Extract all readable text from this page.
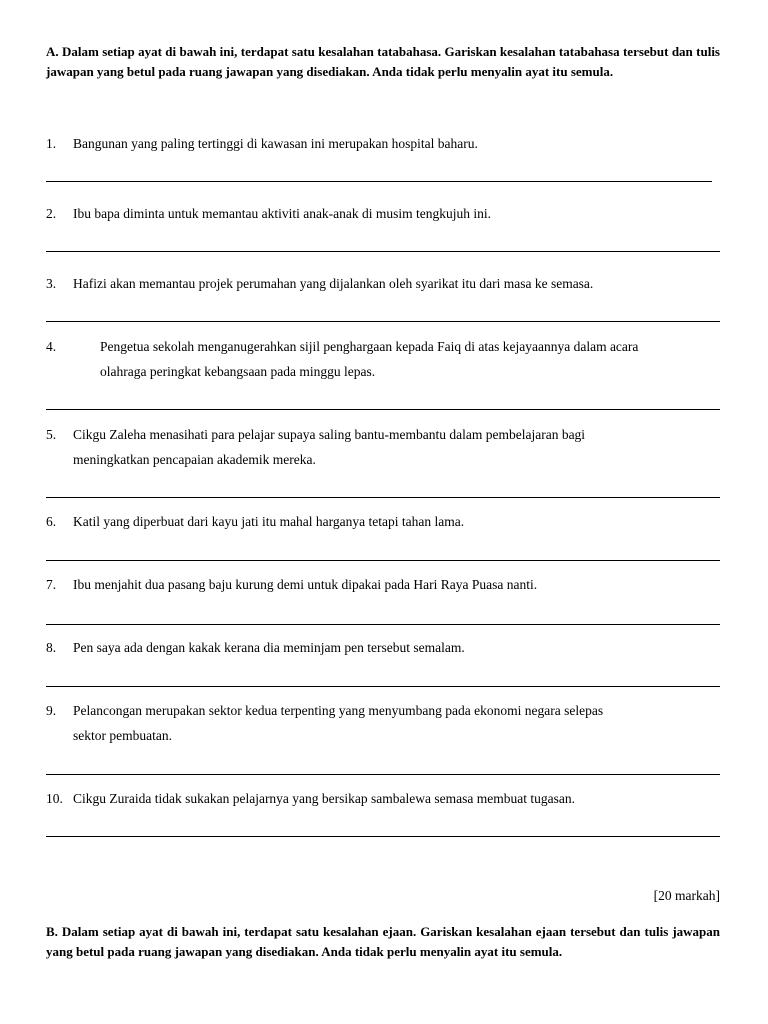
A. Dalam setiap ayat di bawah ini, terdapat satu kesalahan tatabahasa. Gariskan kesalahan tatabahasa tersebut dan tulis jawapan yang betul pada ruang jawapan yang disediakan. Anda tidak perlu menyalin ayat itu semula.
1. Bangunan yang paling tertinggi di kawasan ini merupakan hospital baharu.
2. Ibu bapa diminta untuk memantau aktiviti anak-anak di musim tengkujuh ini.
3. Hafizi akan memantau projek perumahan yang dijalankan oleh syarikat itu dari masa ke semasa.
4.	Pengetua sekolah menganugerahkan sijil penghargaan kepada Faiq di atas kejayaannya dalam acara
olahraga peringkat kebangsaan pada minggu lepas.
5. Cikgu Zaleha menasihati para pelajar supaya saling bantu-membantu dalam pembelajaran bagi
meningkatkan pencapaian akademik mereka.
6. Katil yang diperbuat dari kayu jati itu mahal harganya tetapi tahan lama.
7. Ibu menjahit dua pasang baju kurung demi untuk dipakai pada Hari Raya Puasa nanti.
8. Pen saya ada dengan kakak kerana dia meminjam pen tersebut semalam.
9. Pelancongan merupakan sektor kedua terpenting yang menyumbang pada ekonomi negara selepas
sektor pembuatan.
10. Cikgu Zuraida tidak sukakan pelajarnya yang bersikap sambalewa semasa membuat tugasan.
[20 markah]
B. Dalam setiap ayat di bawah ini, terdapat satu kesalahan ejaan. Gariskan kesalahan ejaan tersebut dan tulis jawapan yang betul pada ruang jawapan yang disediakan. Anda tidak perlu menyalin ayat itu semula.
